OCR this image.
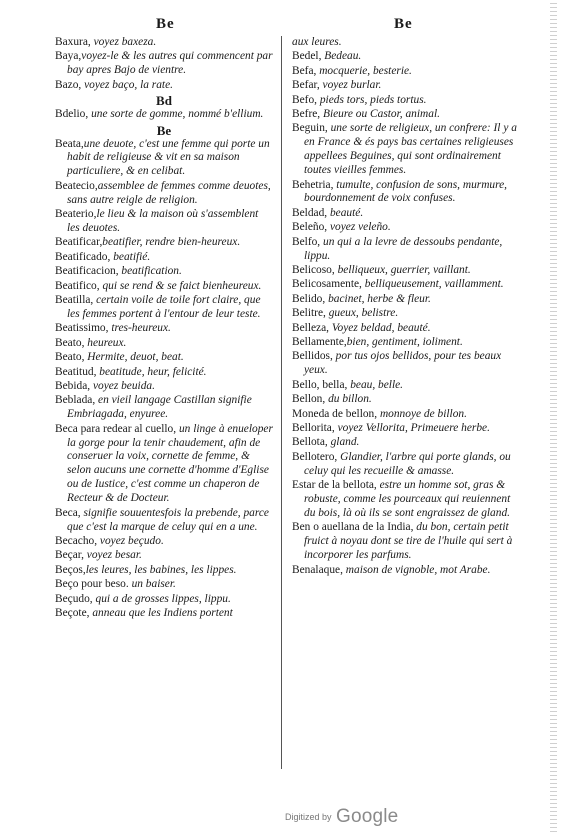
Be	Be

Baxura, voyez baxeza.

Baya,voyez-le & les autres qui commencent par bay apres Bajo de vientre.

Bazo, voyez baço, la rate.

Bd

Bdelio, une sorte de gomme, nommé b'ellium.

Be

Beata,une deuote, c'est une femme qui porte un habit de religieuse & vit en sa maison particuliere, & en celibat.

Beatecio,assemblee de femmes comme deuotes, sans autre reigle de religion.

Beaterio,le lieu & la maison où s'assemblent les deuotes.

Beatificar,beatifier, rendre bien-heureux.

Beatificado, beatifié.

Beatificacion, beatification.

Beatifico, qui se rend & se faict bienheureux.

Beatilla, certain voile de toile fort claire, que les femmes portent à l'entour de leur teste.

Beatissimo, tres-heureux.

Beato, heureux.

Beato, Hermite, deuot, beat.

Beatitud, beatitude, heur, felicité.

Bebida, voyez beuida.

Beblada, en vieil langage Castillan signifie Embriagada, enyuree.

Beca para redear al cuello, un linge à enueloper la gorge pour la tenir chaudement, afin de conseruer la voix, cornette de femme, & selon aucuns une cornette d'homme d'Eglise ou de Iustice, c'est comme un chaperon de Recteur & de Docteur.

Beca, signifie souuentesfois la prebende, parce que c'est la marque de celuy qui en a une.

Becacho, voyez beçudo.

Beçar, voyez besar.

Beços,les leures, les babines, les lippes.

Beço pour beso. un baiser.

Beçudo, qui a de grosses lippes, lippu.

Beçote, anneau que les Indiens portent

aux leures.

Bedel, Bedeau.

Befa, mocquerie, besterie.

Befar, voyez burlar.

Befo, pieds tors, pieds tortus.

Befre, Bieure ou Castor, animal.

Beguin, une sorte de religieux, un confrere: Il y a en France & és pays bas certaines religieuses appellees Beguines, qui sont ordinairement toutes vieilles femmes.

Behetria, tumulte, confusion de sons, murmure, bourdonnement de voix confuses.

Beldad, beauté.

Beleño, voyez veleño.

Belfo, un qui a la levre de dessoubs pendante, lippu.

Belicoso, belliqueux, guerrier, vaillant.

Belicosamente, belliqueusement, vaillamment.

Belido, bacinet, herbe & fleur.

Belitre, gueux, belistre.

Belleza, Voyez beldad, beauté.

Bellamente,bien, gentiment, ioliment.

Bellidos, por tus ojos bellidos, pour tes beaux yeux.

Bello, bella, beau, belle.

Bellon, du billon.

Moneda de bellon, monnoye de billon.

Bellorita, voyez Vellorita, Primeuere herbe.

Bellota, gland.

Bellotero, Glandier, l'arbre qui porte glands, ou celuy qui les recueille & amasse.

Estar de la bellota, estre un homme sot, gras & robuste, comme les pourceaux qui reuiennent du bois, là où ils se sont engraissez de gland.

Ben o auellana de la India, du bon, certain petit fruict à noyau dont se tire de l'huile qui sert à incorporer les parfums.

Benalaque, maison de vignoble, mot Arabe.

Digitized by Google
